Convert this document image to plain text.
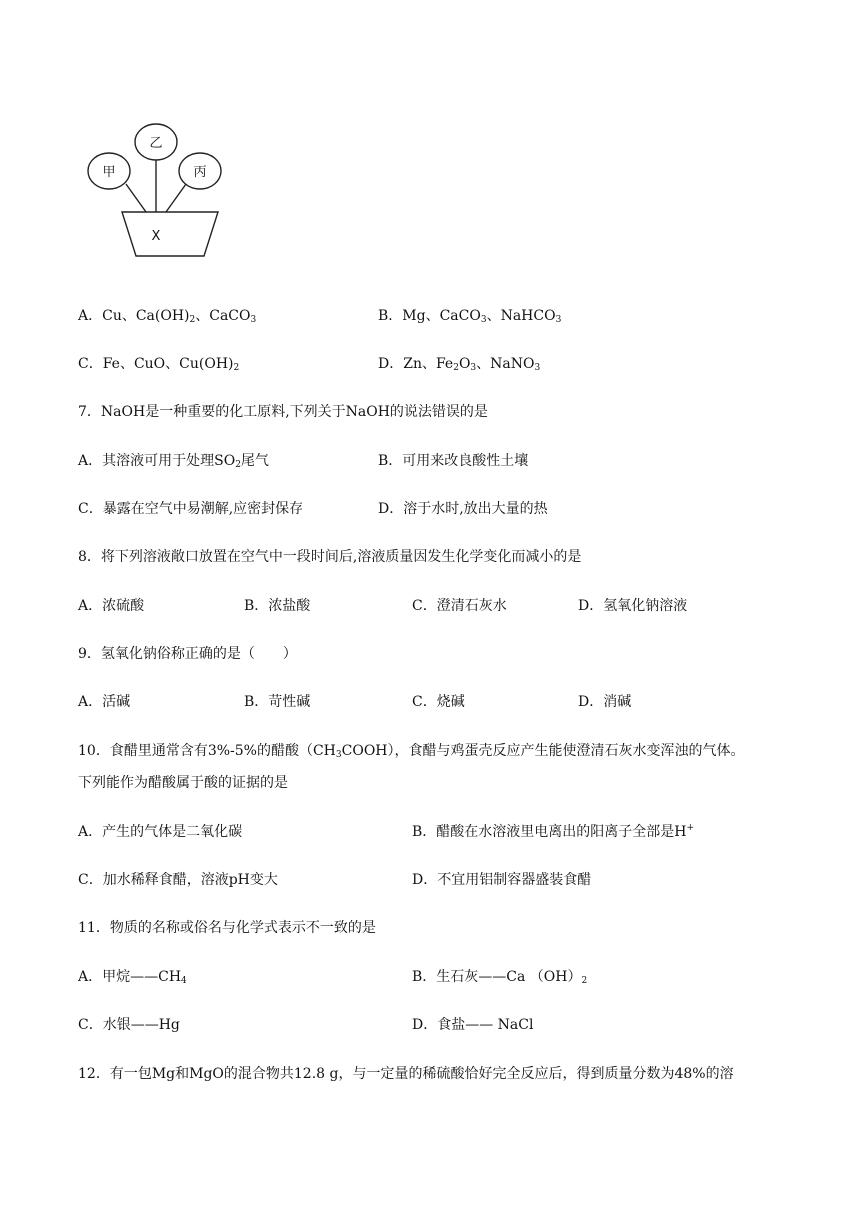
乙
甲	丙
X
A．Cu、$Ca(OH)_2$、CaCO$_3$	B．Mg、CaCO$_3$、NaHCO$_3$
C．Fe、CuO、$Cu(OH)_2$	D．Zn、$Fe_2O_3$、NaNO$_3$
7．NaOH是一种重要的化工原料,下列关于NaOH的说法错误的是
A．其溶液可用于处理$SO_2$尾气	B．可用来改良酸性土壤
C．暴露在空气中易潮解,应密封保存	D．溶于水时,放出大量的热
8．将下列溶液敞口放置在空气中一段时间后,溶液质量因发生化学变化而减小的是
A．浓硫酸	B．浓盐酸	C．澄清石灰水	D．氢氧化钠溶液
9．氢氧化钠俗称正确的是（　　）
A．活碱	B．苛性碱	C．烧碱	D．消碱
10．食醋里通常含有3%-5%的醋酸$(CH_3COOH)$，食醋与鸡蛋壳反应产生能使澄清石灰水变浑浊的气体。
下列能作为醋酸属于酸的证据的是
A．产生的气体是二氧化碳	B．醋酸在水溶液里电离出的阳离子全部是H+
C．加水稀释食醋，溶液pH变大	D．不宜用铝制容器盛装食醋
11．物质的名称或俗名与化学式表示不一致的是
A．甲烷$——CH_4$	B．生石灰——Ca $(OH)_2$
C．水银——Hg	D．食盐—— NaCl
12．有一包Mg和MgO的混合物共12.8 g，与一定量的稀硫酸恰好完全反应后，得到质量分数为48%的溶
